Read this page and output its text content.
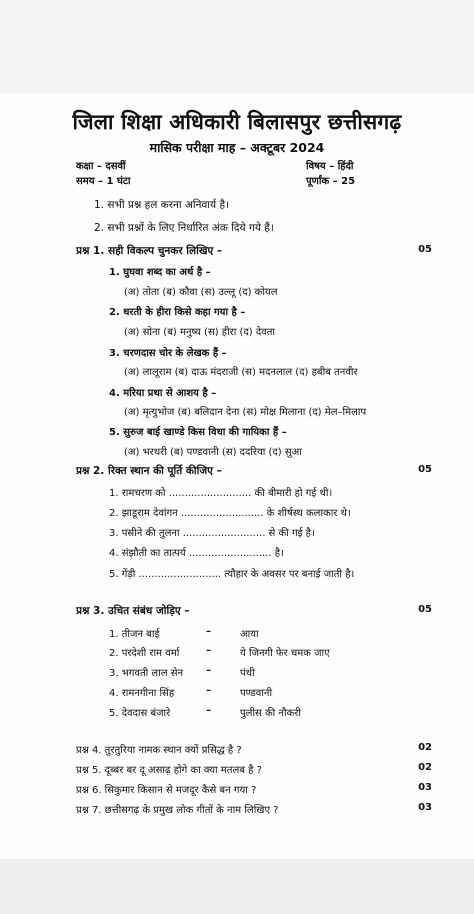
जिला शिक्षा अधिकारी बिलासपुर छत्तीसगढ़
मासिक परीक्षा माह – अक्टूबर 2024
कक्षा – दसवीं	विषय – हिंदी
समय – 1 घंटा	पूर्णांक – 25
1. सभी प्रश्न हल करना अनिवार्य है।
2. सभी प्रश्नों के लिए निर्धारित अंक दिये गये हैं।
प्रश्न 1. सही विकल्प चुनकर लिखिए –	05
1. घुघवा शब्द का अर्थ है –
(अ) तोता (ब) कौवा (स) उल्लू (द) कोयल
2. धरती के हीरा किसे कहा गया है –
(अ) सोना (ब) मनुष्य (स) हीरा (द) देवता
3. चरणदास चोर के लेखक हैं –
(अ) लालूराम (ब) दाऊ मंदराजी (स) मदनलाल (द) हबीब तनवीर
4. मरिया प्रथा से आशय है –
(अ) मृत्युभोज (ब) बलिदान देना (स) मोक्ष मिलाना (द) मेल–मिलाप
5. सुरुज बाई खाण्डे किस विधा की गायिका हैं –
(अ) भरथरी (ब) पण्डवानी (स) ददरिया (द) सुआ
प्रश्न 2. रिक्त स्थान की पूर्ति कीजिए –	05
1. रामचरण को .......................... की बीमारी हो गई थी।
2. झाडूराम देवांगन .......................... के शीर्षस्थ कलाकार थे।
3. पसीने की तुलना .......................... से की गई है।
4. संझौती का तात्पर्य .......................... है।
5. गेंड़ी .......................... त्यौहार के अवसर पर बनाई जाती है।
प्रश्न 3. उचित संबंध जोड़िए –	05
1. तीजन बाई	–	आया
2. परदेशी राम वर्मा	–	ये जिनगी फेर चमक जाए
3. भगवती लाल सेन –	पंथी
4. रामनगीना सिंह	–	पण्डवानी
5. देवदास बंजारे	–	पुलीस की नौकरी
प्रश्न 4. तुरतुरिया नामक स्थान क्यों प्रसिद्ध है ?	02
प्रश्न 5. दूब्बर बर दू असाढ़ होगे का क्या मतलब है ?	02
प्रश्न 6. सिकुमार किसान से मजदूर कैसे बन गया ?	03
प्रश्न 7. छत्तीसगढ़ के प्रमुख लोक गीतों के नाम लिखिए ?	03
